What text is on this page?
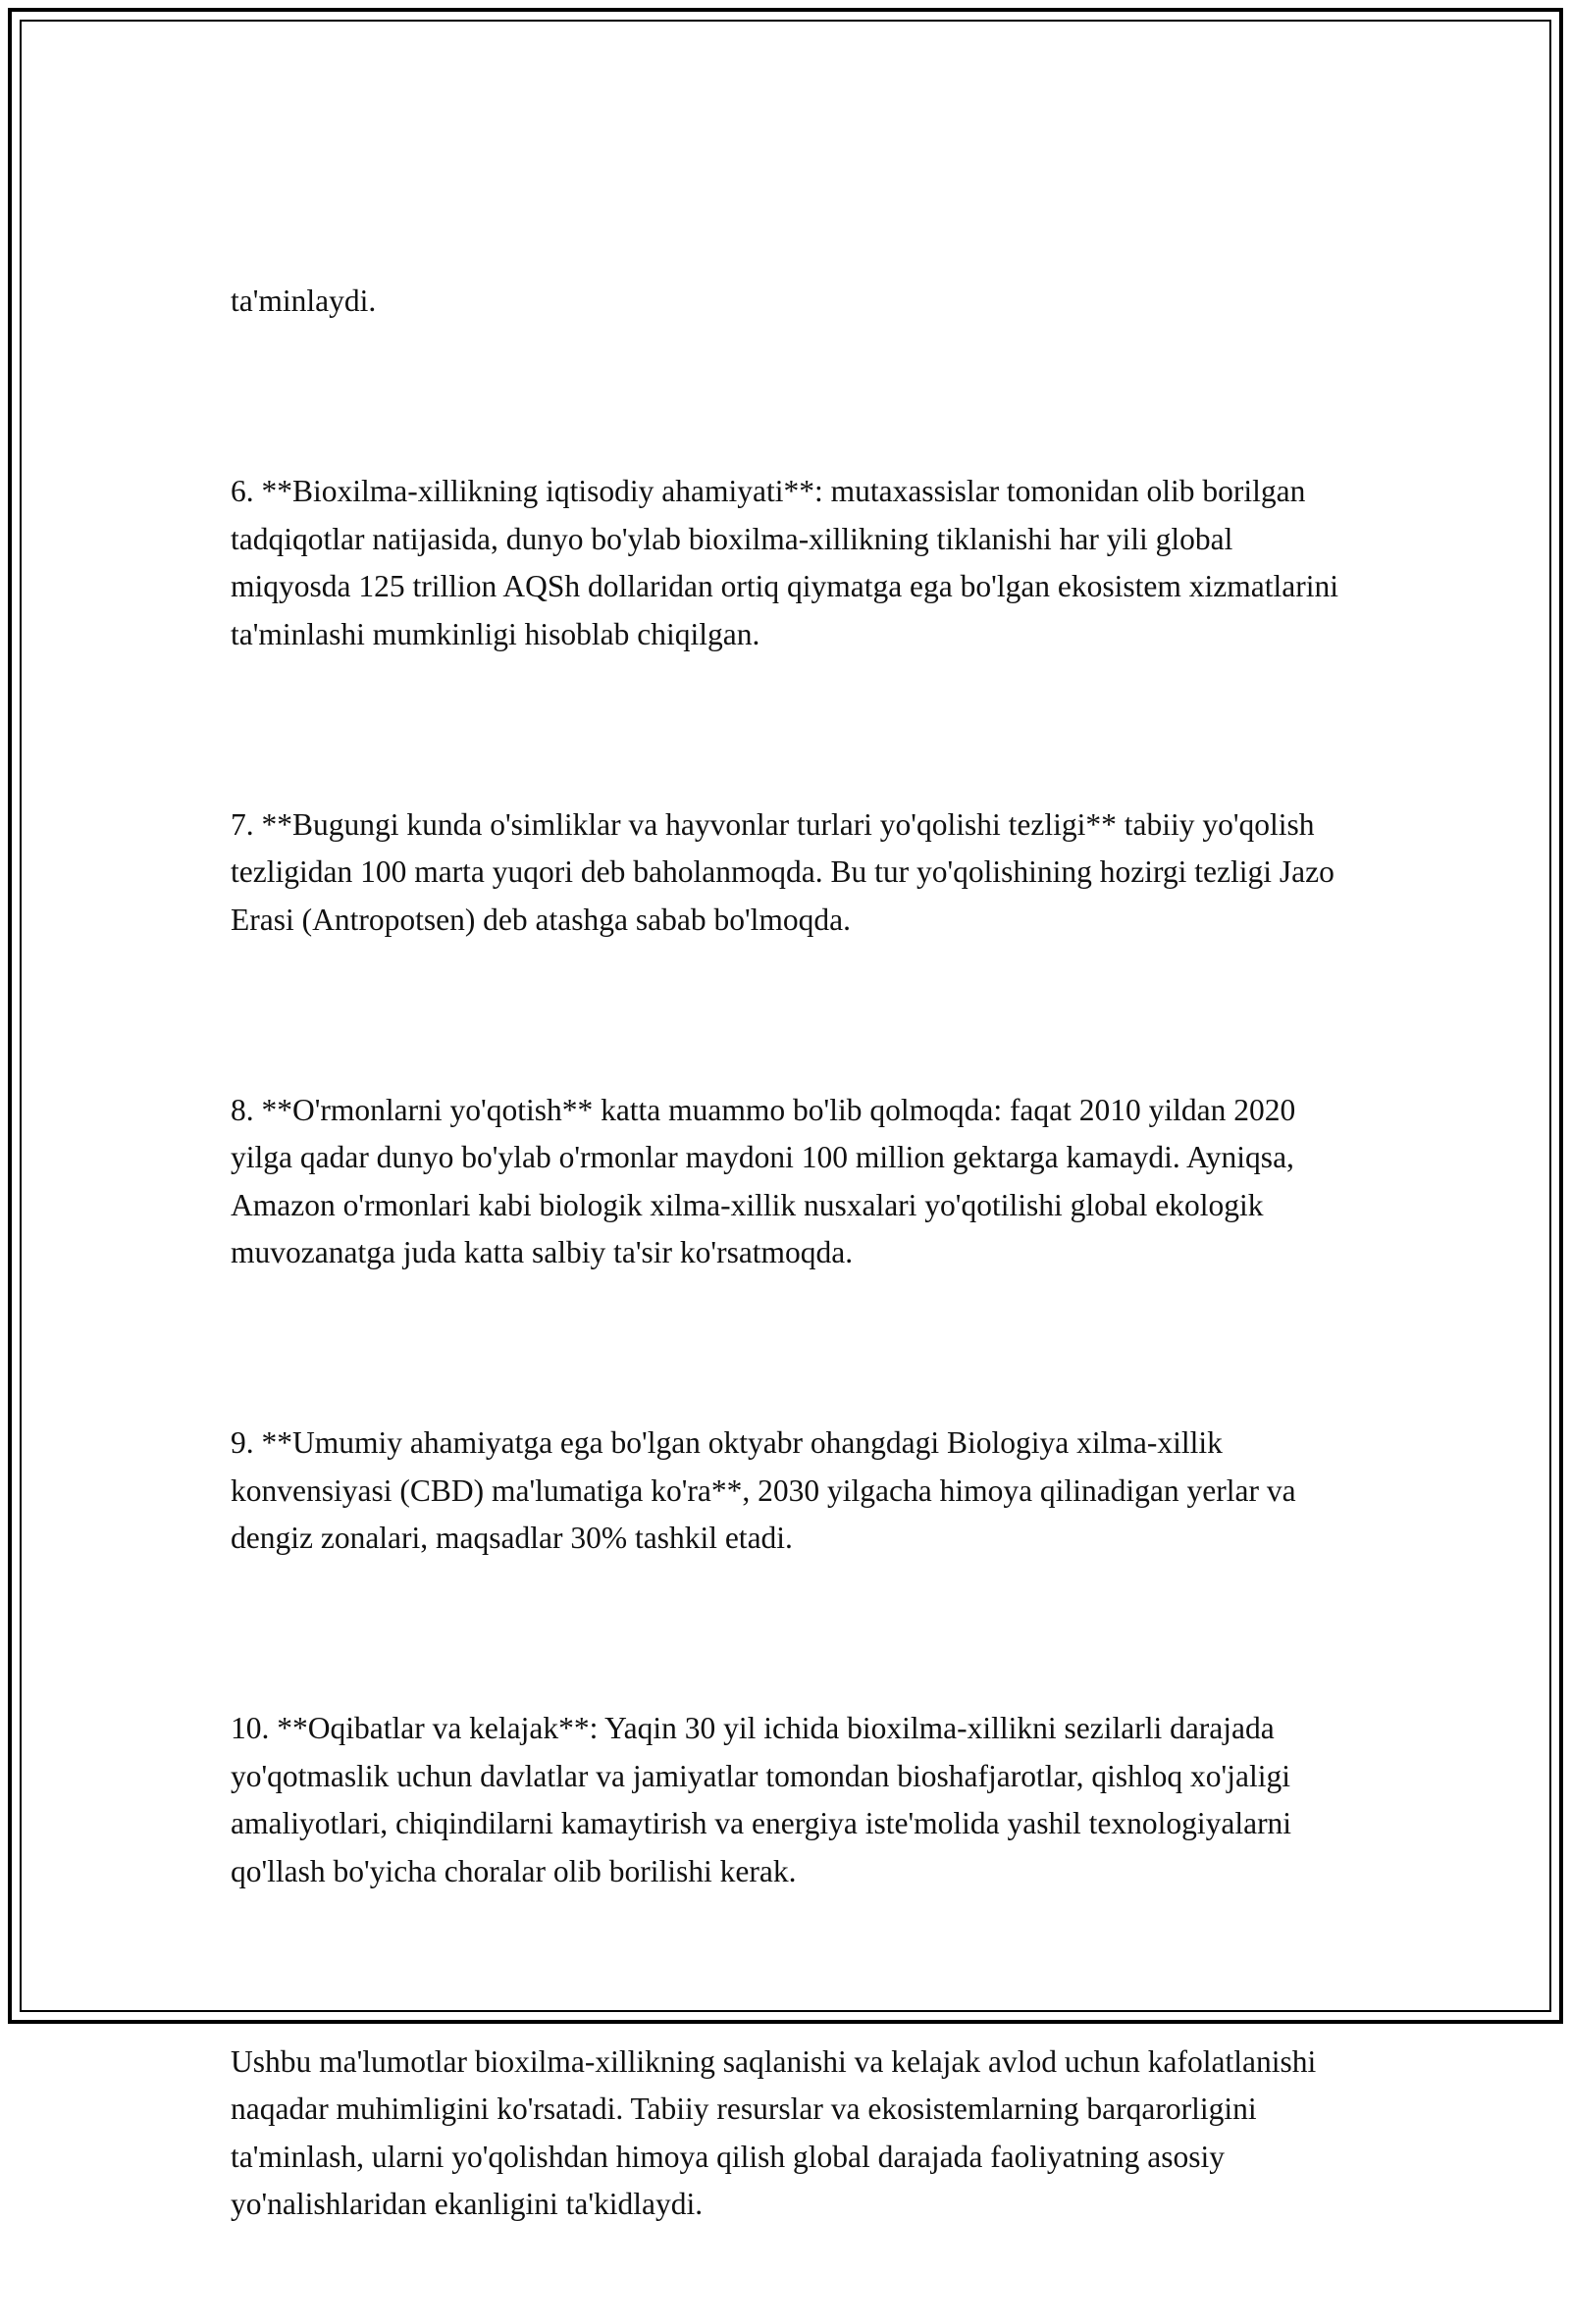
ta'minlaydi.

6. **Bioxilma-xillikning iqtisodiy ahamiyati**: mutaxassislar tomonidan olib borilgan tadqiqotlar natijasida, dunyo bo'ylab bioxilma-xillikning tiklanishi har yili global miqyosda 125 trillion AQSh dollaridan ortiq qiymatga ega bo'lgan ekosistem xizmatlarini ta'minlashi mumkinligi hisoblab chiqilgan.

7. **Bugungi kunda o'simliklar va hayvonlar turlari yo'qolishi tezligi** tabiiy yo'qolish tezligidan 100 marta yuqori deb baholanmoqda. Bu tur yo'qolishining hozirgi tezligi Jazo Erasi (Antropotsen) deb atashga sabab bo'lmoqda.

8. **O'rmonlarni yo'qotish** katta muammo bo'lib qolmoqda: faqat 2010 yildan 2020 yilga qadar dunyo bo'ylab o'rmonlar maydoni 100 million gektarga kamaydi. Ayniqsa, Amazon o'rmonlari kabi biologik xilma-xillik nusxalari yo'qotilishi global ekologik muvozanatga juda katta salbiy ta'sir ko'rsatmoqda.

9. **Umumiy ahamiyatga ega bo'lgan oktyabr ohangdagi Biologiya xilma-xillik konvensiyasi (CBD) ma'lumatiga ko'ra**, 2030 yilgacha himoya qilinadigan yerlar va dengiz zonalari, maqsadlar 30% tashkil etadi.

10. **Oqibatlar va kelajak**: Yaqin 30 yil ichida bioxilma-xillikni sezilarli darajada yo'qotmaslik uchun davlatlar va jamiyatlar tomondan bioshafjarotlar, qishloq xo'jaligi amaliyotlari, chiqindilarni kamaytirish va energiya iste'molida yashil texnologiyalarni qo'llash bo'yicha choralar olib borilishi kerak.

Ushbu ma'lumotlar bioxilma-xillikning saqlanishi va kelajak avlod uchun kafolatlanishi naqadar muhimligini ko'rsatadi. Tabiiy resurslar va ekosistemlarning barqarorligini ta'minlash, ularni yo'qolishdan himoya qilish global darajada faoliyatning asosiy yo'nalishlaridan ekanligini ta'kidlaydi.
